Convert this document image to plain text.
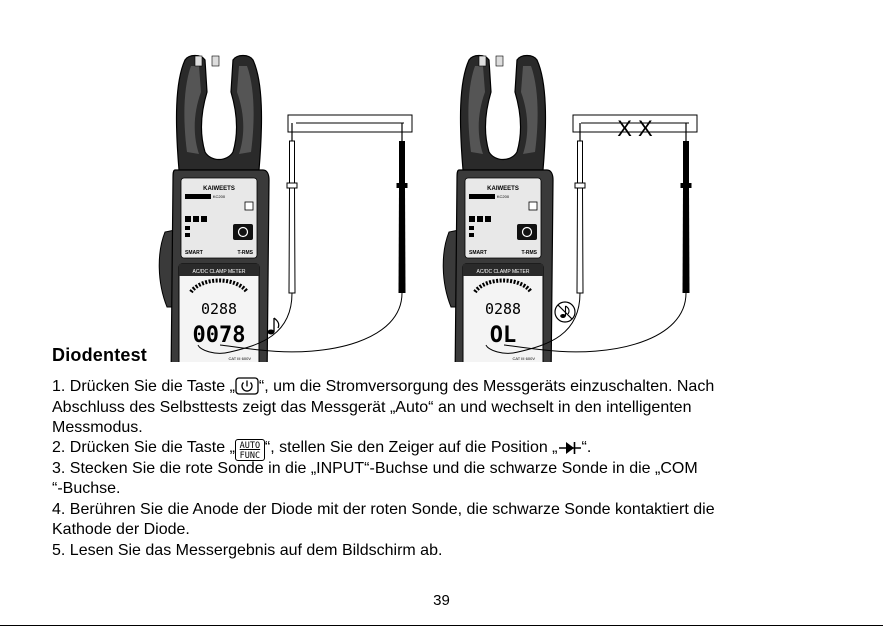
KAIWEETS
KC200
SMART	T-RMS
AC/DC CLAMP METER
0288
0078
CAT III 600V
KAIWEETS
KC200
SMART	T-RMS
AC/DC CLAMP METER
0288
OL
CAT III 600V
X X
Diodentest
1. Drücken Sie die Taste „ “, um die Stromversorgung des Messgeräts einzuschalten. Nach
Abschluss des Selbsttests zeigt das Messgerät „Auto“ an und wechselt in den intelligenten
Messmodus.
2. Drücken Sie die Taste „ AUTO
FUNC “, stellen Sie den Zeiger auf die Position „ “.
3. Stecken Sie die rote Sonde in die „INPUT“-Buchse und die schwarze Sonde in die „COM
“-Buchse.
4. Berühren Sie die Anode der Diode mit der roten Sonde, die schwarze Sonde kontaktiert die
Kathode der Diode.
5. Lesen Sie das Messergebnis auf dem Bildschirm ab.
39
